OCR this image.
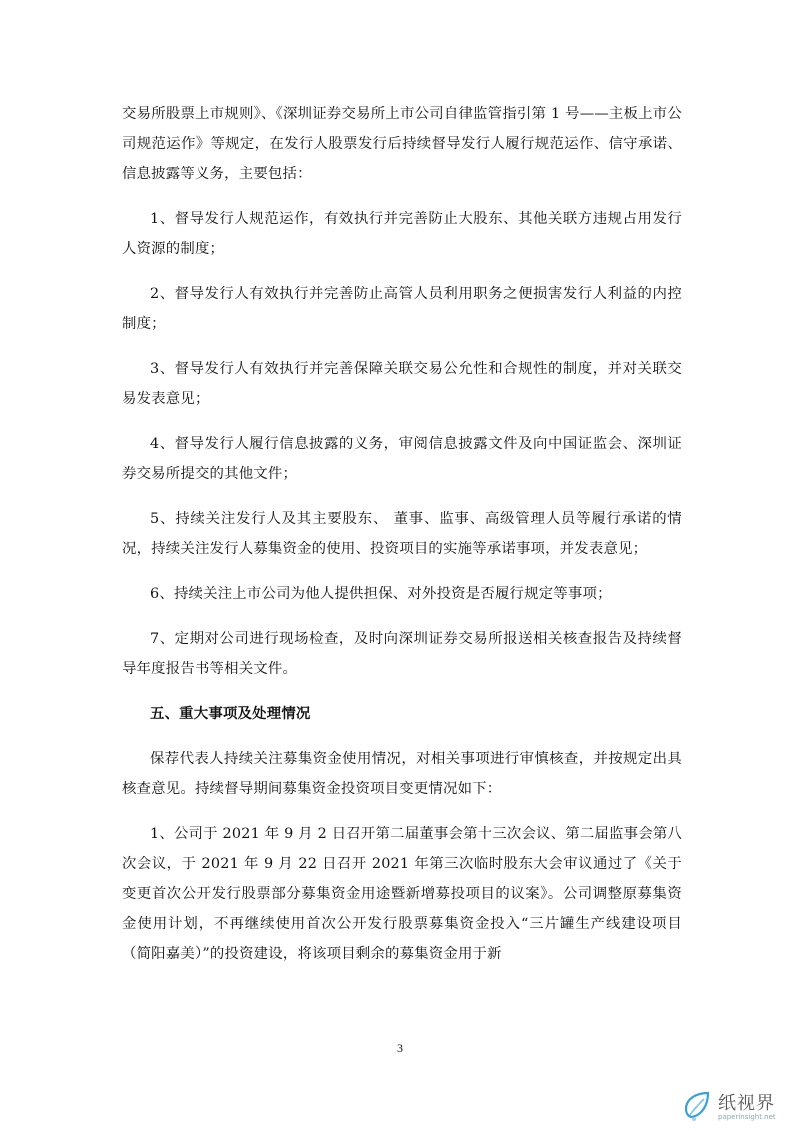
交易所股票上市规则》、《深圳证券交易所上市公司自律监管指引第 1 号——主板上市公司规范运作》等规定，在发行人股票发行后持续督导发行人履行规范运作、信守承诺、信息披露等义务，主要包括：

1、督导发行人规范运作，有效执行并完善防止大股东、其他关联方违规占用发行人资源的制度；

2、督导发行人有效执行并完善防止高管人员利用职务之便损害发行人利益的内控制度；

3、督导发行人有效执行并完善保障关联交易公允性和合规性的制度，并对关联交易发表意见；

4、督导发行人履行信息披露的义务，审阅信息披露文件及向中国证监会、深圳证券交易所提交的其他文件；

5、持续关注发行人及其主要股东、 董事、监事、高级管理人员等履行承诺的情况，持续关注发行人募集资金的使用、投资项目的实施等承诺事项，并发表意见；

6、持续关注上市公司为他人提供担保、对外投资是否履行规定等事项；

7、定期对公司进行现场检查，及时向深圳证券交易所报送相关核查报告及持续督导年度报告书等相关文件。

五、重大事项及处理情况

保荐代表人持续关注募集资金使用情况，对相关事项进行审慎核查，并按规定出具核查意见。持续督导期间募集资金投资项目变更情况如下：

1、公司于 2021 年 9 月 2 日召开第二届董事会第十三次会议、第二届监事会第八次会议，于 2021 年 9 月 22 日召开 2021 年第三次临时股东大会审议通过了《关于变更首次公开发行股票部分募集资金用途暨新增募投项目的议案》。公司调整原募集资金使用计划，不再继续使用首次公开发行股票募集资金投入“三片罐生产线建设项目（简阳嘉美）”的投资建设，将该项目剩余的募集资金用于新

3
纸视界
paperinsight.net
